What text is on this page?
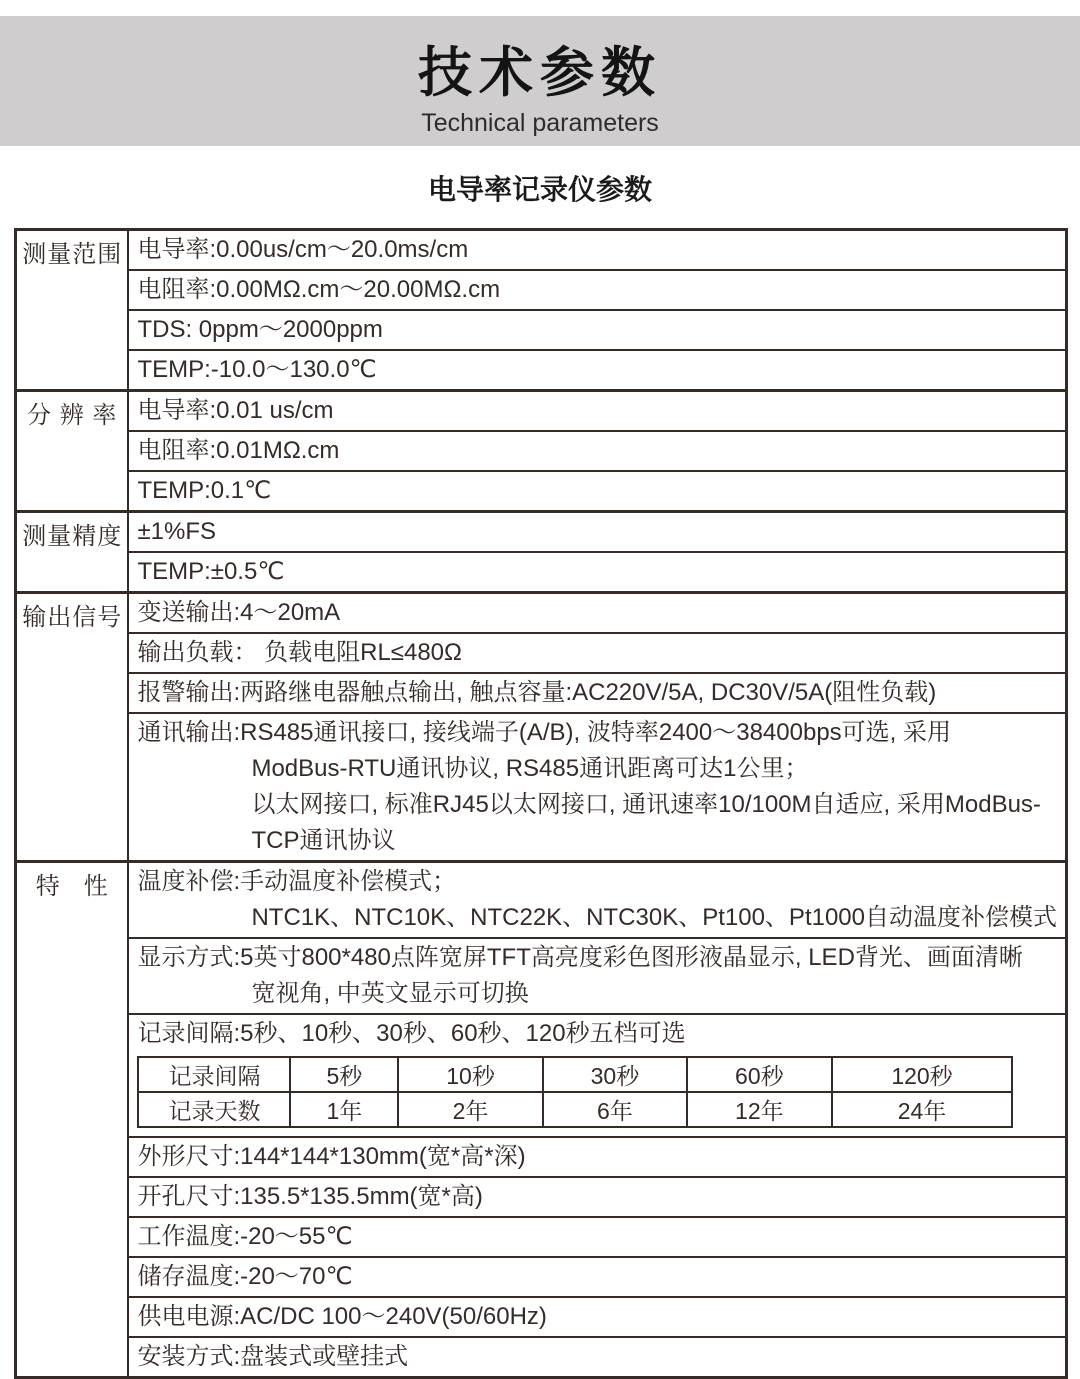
技术参数
Technical parameters
电导率记录仪参数
测量范围	电导率:0.00us/cm～20.0ms/cm

电阻率:0.00MΩ.cm～20.00MΩ.cm

TDS: 0ppm～2000ppm

TEMP:-10.0～130.0℃

分 辨 率	电导率:0.01 us/cm

电阻率:0.01MΩ.cm

TEMP:0.1℃

测量精度	±1%FS

TEMP:±0.5℃

输出信号	变送输出:4～20mA

输出负载： 负载电阻RL≤480Ω

报警输出:两路继电器触点输出, 触点容量:AC220V/5A, DC30V/5A(阻性负载)

通讯输出:RS485通讯接口, 接线端子(A/B), 波特率2400～38400bps可选, 采用
ModBus-RTU通讯协议, RS485通讯距离可达1公里；
以太网接口, 标准RJ45以太网接口, 通讯速率10/100M自适应, 采用ModBus-
TCP通讯协议

特   性	温度补偿:手动温度补偿模式；
NTC1K、NTC10K、NTC22K、NTC30K、Pt100、Pt1000自动温度补偿模式

显示方式:5英寸800*480点阵宽屏TFT高亮度彩色图形液晶显示, LED背光、画面清晰
宽视角, 中英文显示可切换

记录间隔:5秒、10秒、30秒、60秒、120秒五档可选
记录间隔	5秒	10秒	30秒	60秒	120秒
记录天数	1年	2年	6年	12年	24年

外形尺寸:144*144*130mm(宽*高*深)

开孔尺寸:135.5*135.5mm(宽*高)

工作温度:-20～55℃

储存温度:-20～70℃

供电电源:AC/DC 100～240V(50/60Hz)

安装方式:盘装式或壁挂式
